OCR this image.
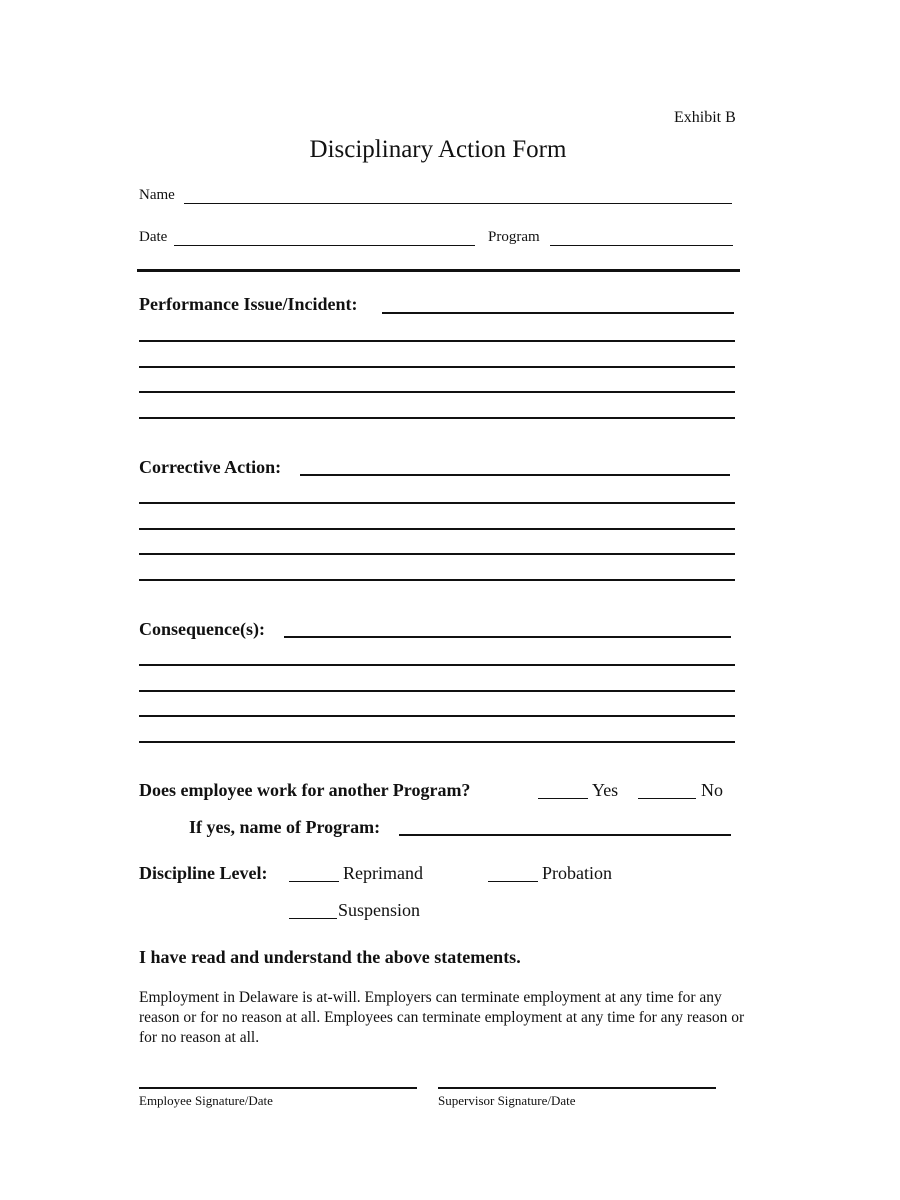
Exhibit B
Disciplinary Action Form
Name
Date	Program
Performance Issue/Incident:
Corrective Action:
Consequence(s):
Does employee work for another Program?	Yes	No
If yes, name of Program:
Discipline Level:	Reprimand	Probation
Suspension
I have read and understand the above statements.
Employment in Delaware is at-will. Employers can terminate employment at any time for any reason or for no reason at all. Employees can terminate employment at any time for any reason or for no reason at all.
Employee Signature/Date	Supervisor Signature/Date
